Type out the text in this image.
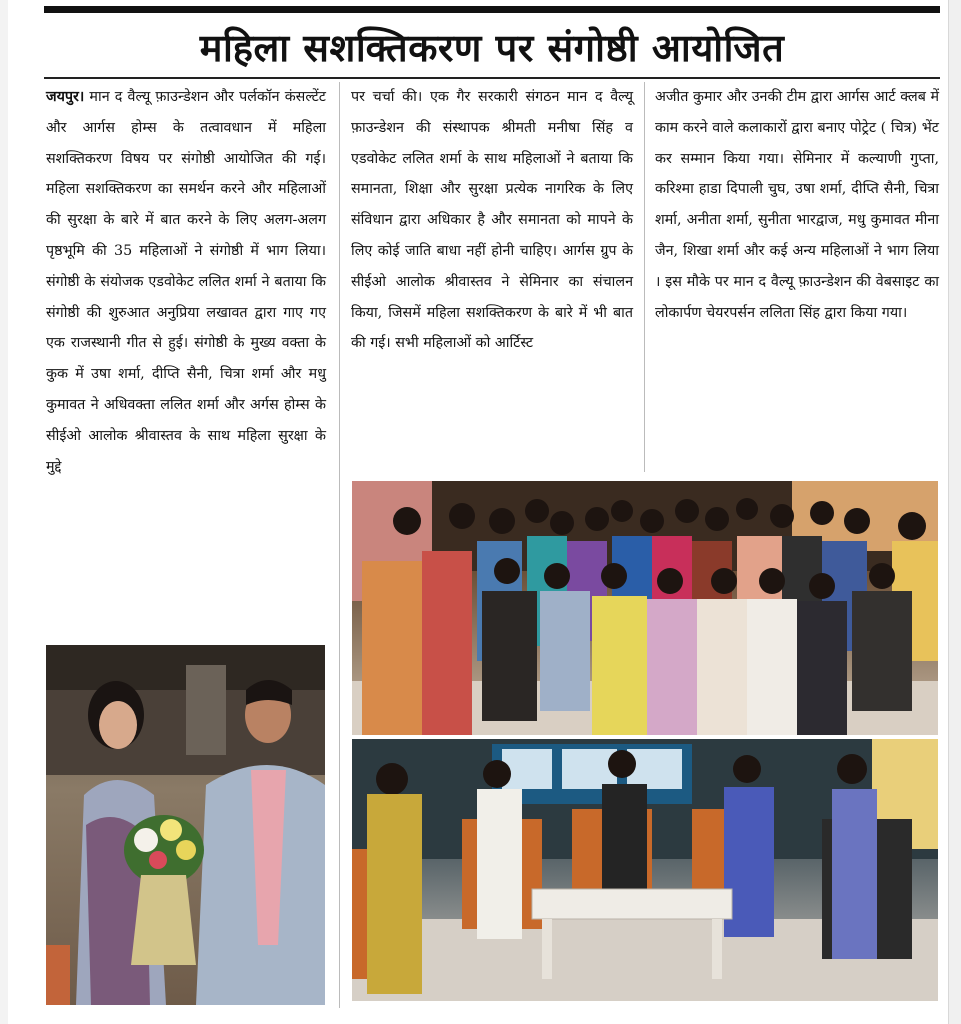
महिला सशक्तिकरण पर संगोष्ठी आयोजित

जयपुर। मान द वैल्यू फ़ाउन्डेशन और पर्लकॉन कंसल्टेंट और आर्गस होम्स के तत्वावधान में महिला सशक्तिकरण विषय पर संगोष्ठी आयोजित की गई। महिला सशक्तिकरण का समर्थन करने और महिलाओं की सुरक्षा के बारे में बात करने के लिए अलग-अलग पृष्ठभूमि की 35 महिलाओं ने संगोष्ठी में भाग लिया। संगोष्ठी के संयोजक एडवोकेट ललित शर्मा ने बताया कि संगोष्ठी की शुरुआत अनुप्रिया लखावत द्वारा गाए गए एक राजस्थानी गीत से हुई। संगोष्ठी के मुख्य वक्ता के कुक में उषा शर्मा, दीप्ति सैनी, चित्रा शर्मा और मधु कुमावत ने अधिवक्ता ललित शर्मा और अर्गस होम्स के सीईओ आलोक श्रीवास्तव के साथ महिला सुरक्षा के मुद्दे

पर चर्चा की। एक गैर सरकारी संगठन मान द वैल्यू फ़ाउन्डेशन की संस्थापक श्रीमती मनीषा सिंह व एडवोकेट ललित शर्मा के साथ महिलाओं ने बताया कि समानता, शिक्षा और सुरक्षा प्रत्येक नागरिक के लिए संविधान द्वारा अधिकार है और समानता को मापने के लिए कोई जाति बाधा नहीं होनी चाहिए। आर्गस ग्रुप के सीईओ आलोक श्रीवास्तव ने सेमिनार का संचालन किया, जिसमें महिला सशक्तिकरण के बारे में भी बात की गई। सभी महिलाओं को आर्टिस्ट

अजीत कुमार और उनकी टीम द्वारा आर्गस आर्ट क्लब में काम करने वाले कलाकारों द्वारा बनाए पोट्रेट ( चित्र) भेंट कर सम्मान किया गया। सेमिनार में कल्याणी गुप्ता, करिश्मा हाडा दिपाली चुघ, उषा शर्मा, दीप्ति सैनी, चित्रा शर्मा, अनीता शर्मा, सुनीता भारद्वाज, मधु कुमावत मीना जैन, शिखा शर्मा और कई अन्य महिलाओं ने भाग लिया । इस मौके पर मान द वैल्यू फ़ाउन्डेशन की वेबसाइट का लोकार्पण चेयरपर्सन ललिता सिंह द्वारा किया गया।
